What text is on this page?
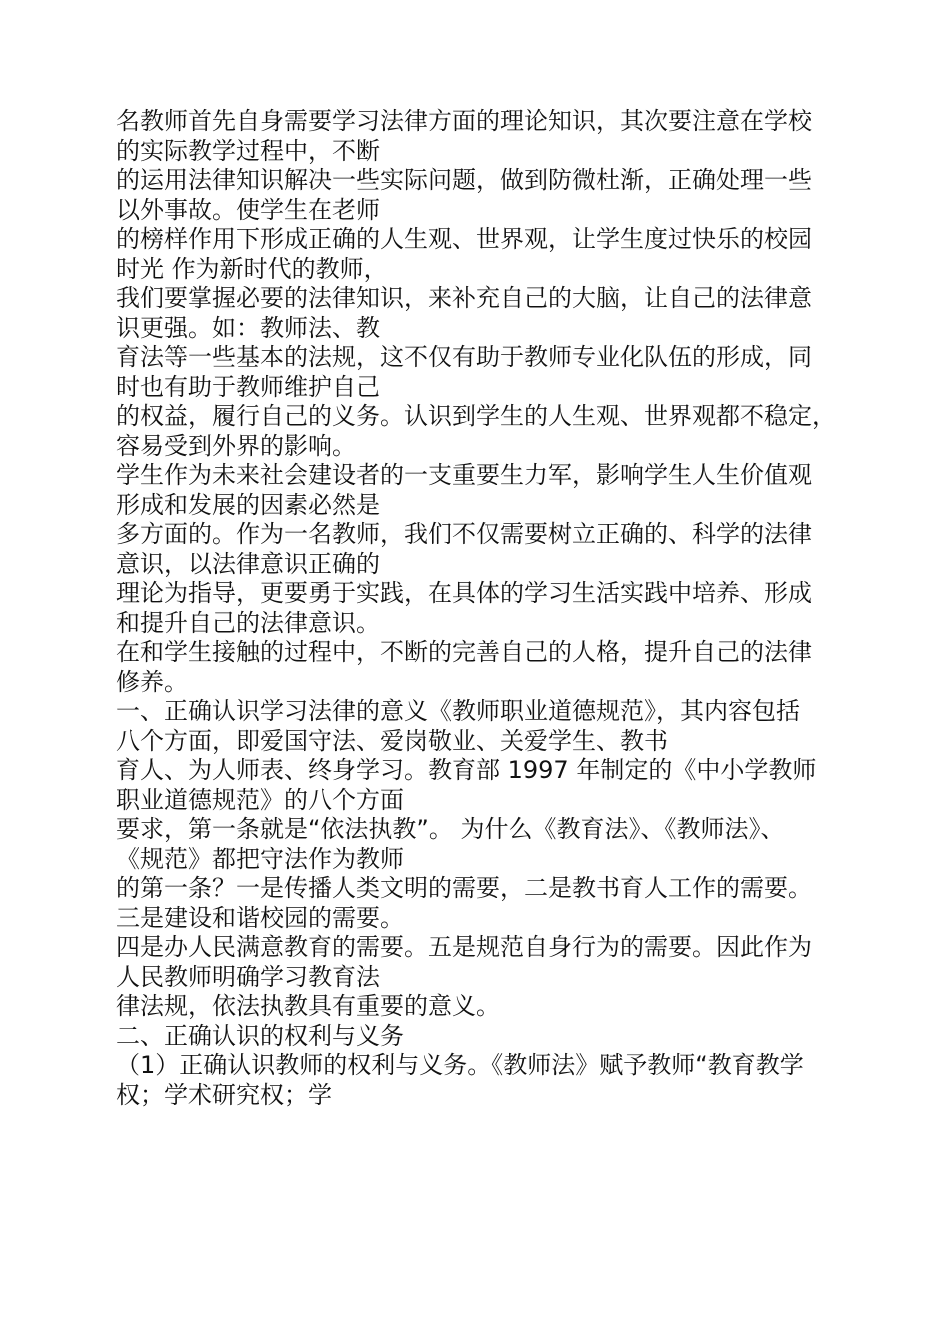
名教师首先自身需要学习法律方面的理论知识，其次要注意在学校
的实际教学过程中，不断
的运用法律知识解决一些实际问题，做到防微杜渐，正确处理一些
以外事故。使学生在老师
的榜样作用下形成正确的人生观、世界观，让学生度过快乐的校园
时光 作为新时代的教师，
我们要掌握必要的法律知识，来补充自己的大脑，让自己的法律意
识更强。如：教师法、教
育法等一些基本的法规，这不仅有助于教师专业化队伍的形成，同
时也有助于教师维护自己
的权益，履行自己的义务。认识到学生的人生观、世界观都不稳定，
容易受到外界的影响。
学生作为未来社会建设者的一支重要生力军，影响学生人生价值观
形成和发展的因素必然是
多方面的。作为一名教师，我们不仅需要树立正确的、科学的法律
意识，以法律意识正确的
理论为指导，更要勇于实践，在具体的学习生活实践中培养、形成
和提升自己的法律意识。
在和学生接触的过程中，不断的完善自己的人格，提升自己的法律
修养。
一、正确认识学习法律的意义《教师职业道德规范》，其内容包括
八个方面，即爱国守法、爱岗敬业、关爱学生、教书
育人、为人师表、终身学习。教育部 1997 年制定的《中小学教师
职业道德规范》的八个方面
要求，第一条就是“依法执教”。 为什么《教育法》、《教师法》、
《规范》都把守法作为教师
的第一条？一是传播人类文明的需要，二是教书育人工作的需要。
三是建设和谐校园的需要。
四是办人民满意教育的需要。五是规范自身行为的需要。因此作为
人民教师明确学习教育法
律法规，依法执教具有重要的意义。
二、正确认识的权利与义务
（1）正确认识教师的权利与义务。《教师法》赋予教师“教育教学
权；学术研究权；学
